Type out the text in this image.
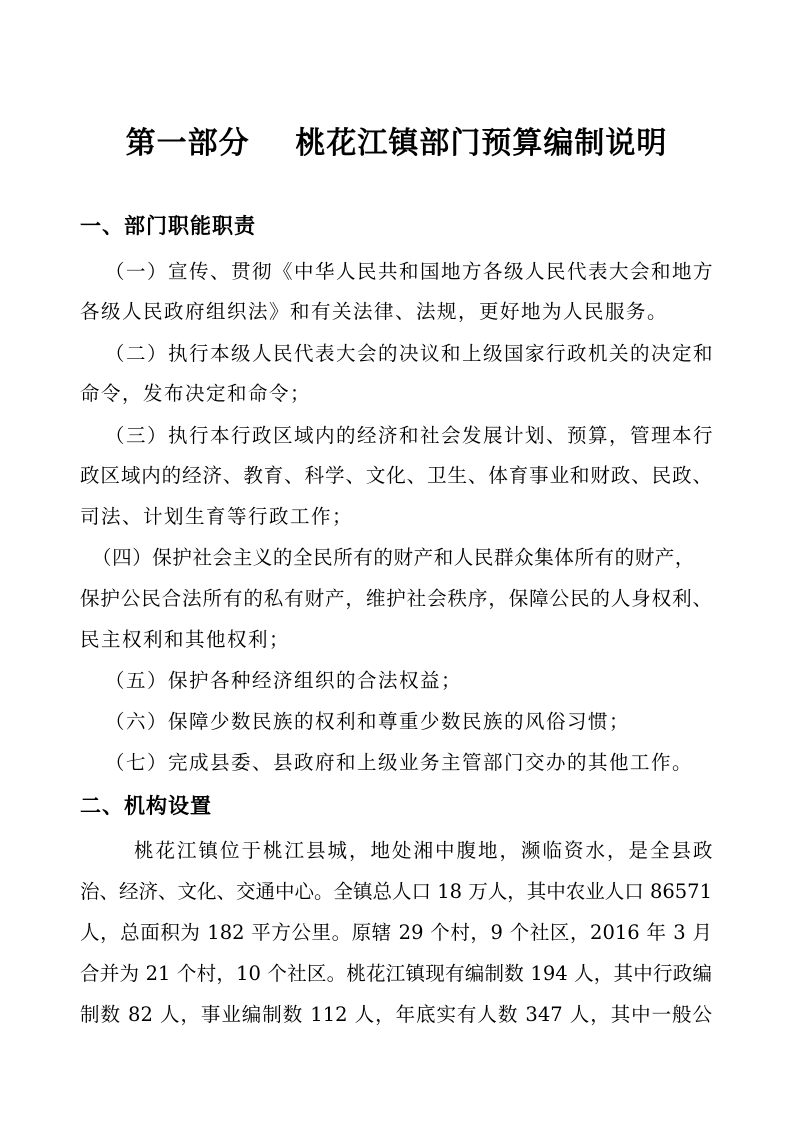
第一部分    桃花江镇部门预算编制说明
一、部门职能职责
（一）宣传、贯彻《中华人民共和国地方各级人民代表大会和地方
各级人民政府组织法》和有关法律、法规，更好地为人民服务。
（二）执行本级人民代表大会的决议和上级国家行政机关的决定和
命令，发布决定和命令；
（三）执行本行政区域内的经济和社会发展计划、预算，管理本行
政区域内的经济、教育、科学、文化、卫生、体育事业和财政、民政、
司法、计划生育等行政工作；
（四）保护社会主义的全民所有的财产和人民群众集体所有的财产，
保护公民合法所有的私有财产，维护社会秩序，保障公民的人身权利、
民主权利和其他权利；
（五）保护各种经济组织的合法权益；
（六）保障少数民族的权利和尊重少数民族的风俗习惯；
（七）完成县委、县政府和上级业务主管部门交办的其他工作。
二、机构设置
桃花江镇位于桃江县城，地处湘中腹地，濒临资水，是全县政
治、经济、文化、交通中心。全镇总人口 18 万人，其中农业人口 86571
人，总面积为 182 平方公里。原辖 29 个村，9 个社区，2016 年 3 月
合并为 21 个村，10 个社区。桃花江镇现有编制数 194 人，其中行政编
制数 82 人，事业编制数 112 人，年底实有人数 347 人，其中一般公
